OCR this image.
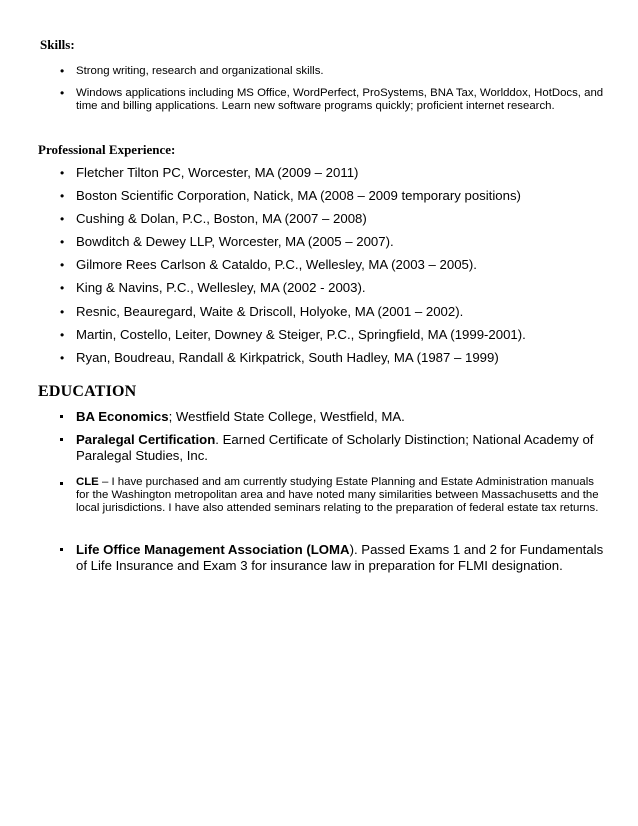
Skills:
• Strong writing, research and organizational skills.
• Windows applications including MS Office, WordPerfect, ProSystems, BNA Tax, Worlddox, HotDocs, and time and billing applications. Learn new software programs quickly; proficient internet research.
Professional Experience:
• Fletcher Tilton PC, Worcester, MA (2009 – 2011)
• Boston Scientific Corporation, Natick, MA (2008 – 2009 temporary positions)
• Cushing & Dolan, P.C., Boston, MA (2007 – 2008)
• Bowditch & Dewey LLP, Worcester, MA (2005 – 2007).
• Gilmore Rees Carlson & Cataldo, P.C., Wellesley, MA (2003 – 2005).
• King & Navins, P.C., Wellesley, MA (2002 - 2003).
• Resnic, Beauregard, Waite & Driscoll, Holyoke, MA (2001 – 2002).
• Martin, Costello, Leiter, Downey & Steiger, P.C., Springfield, MA (1999-2001).
• Ryan, Boudreau, Randall & Kirkpatrick, South Hadley, MA (1987 – 1999)
EDUCATION
BA Economics; Westfield State College, Westfield, MA.
Paralegal Certification. Earned Certificate of Scholarly Distinction; National Academy of Paralegal Studies, Inc.
CLE – I have purchased and am currently studying Estate Planning and Estate Administration manuals for the Washington metropolitan area and have noted many similarities between Massachusetts and the local jurisdictions. I have also attended seminars relating to the preparation of federal estate tax returns.
Life Office Management Association (LOMA). Passed Exams 1 and 2 for Fundamentals of Life Insurance and Exam 3 for insurance law in preparation for FLMI designation.
